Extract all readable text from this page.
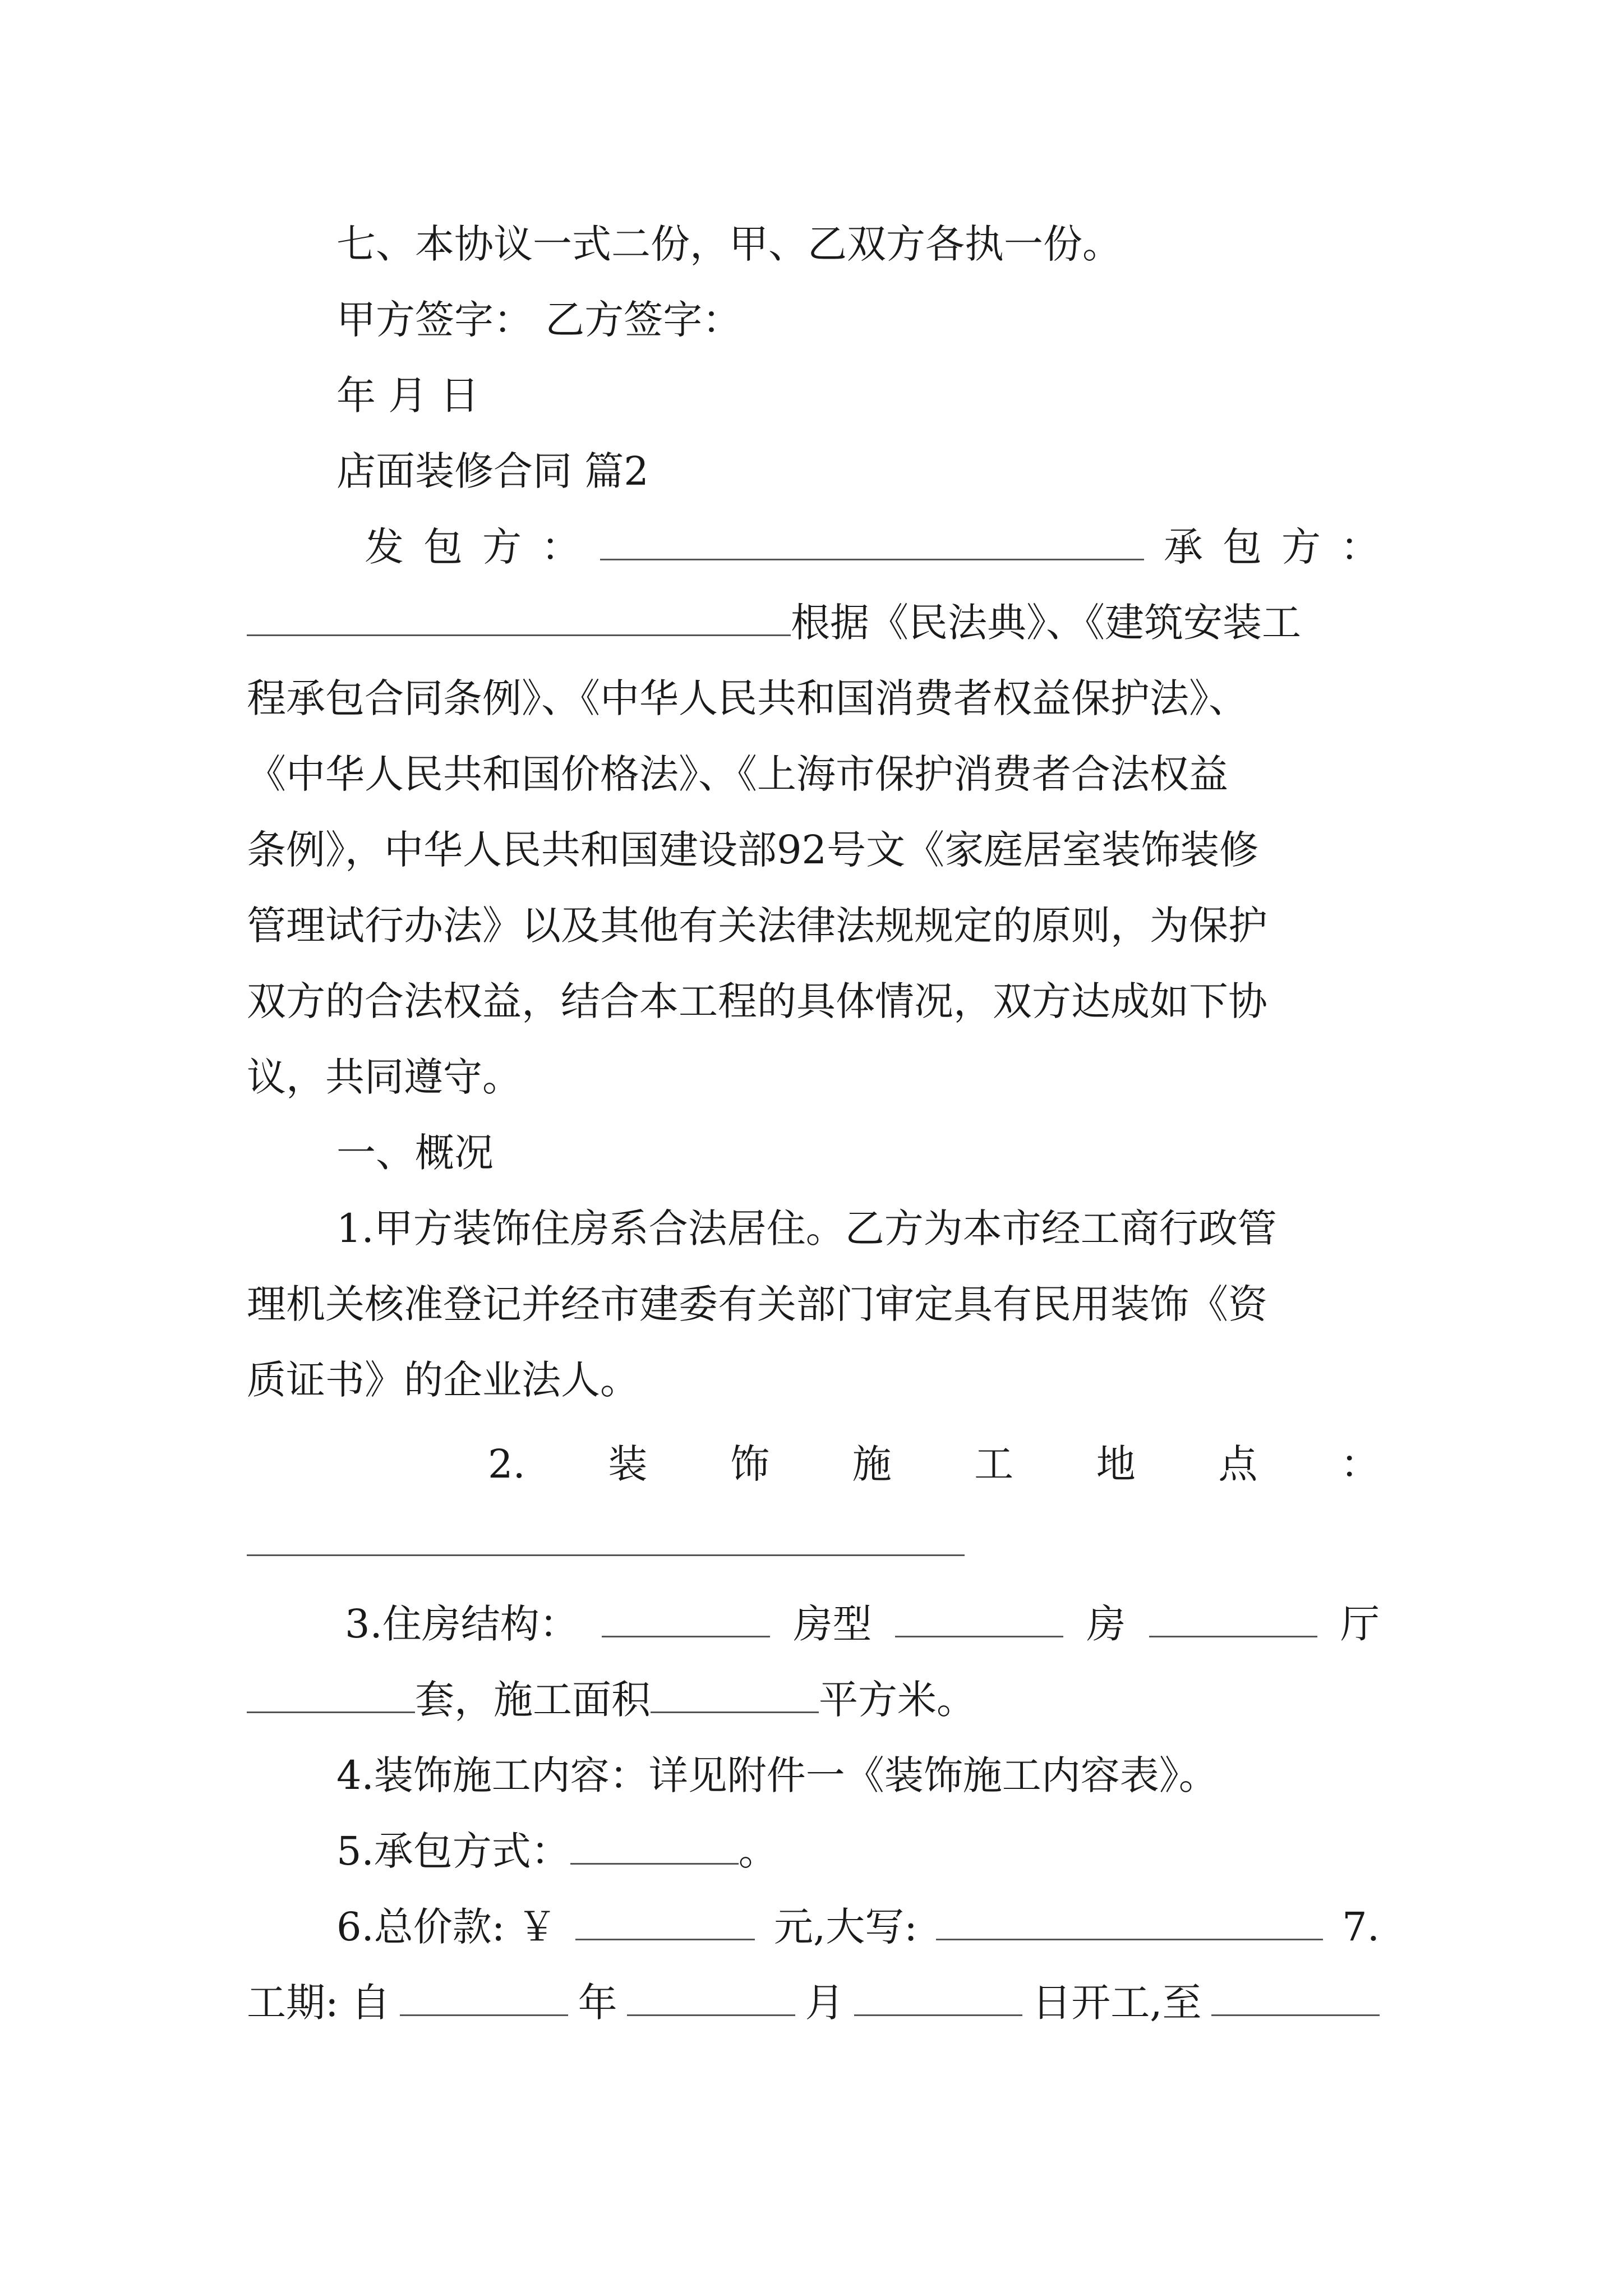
七、本协议一式二份，甲、乙双方各执一份。
甲方签字： 乙方签字：
年 月 日
店面装修合同 篇2
发 包 方 ：	承 包 方 ：
根据《民法典》、《建筑安装工
程承包合同条例》、《中华人民共和国消费者权益保护法》、
《中华人民共和国价格法》、《上海市保护消费者合法权益
条例》，中华人民共和国建设部92号文《家庭居室装饰装修
管理试行办法》以及其他有关法律法规规定的原则，为保护
双方的合法权益，结合本工程的具体情况，双方达成如下协
议，共同遵守。
一、概况
1.甲方装饰住房系合法居住。乙方为本市经工商行政管
理机关核准登记并经市建委有关部门审定具有民用装饰《资
质证书》的企业法人。
2. 装 饰 施 工 地 点 ：
3.住房结构：	房型	房	厅
套，施工面积	平方米。
4.装饰施工内容：详见附件一《装饰施工内容表》。
5.承包方式：	。
6.总价款: ￥	元,大写:	7.
工期: 自	年	月	日开工,至
